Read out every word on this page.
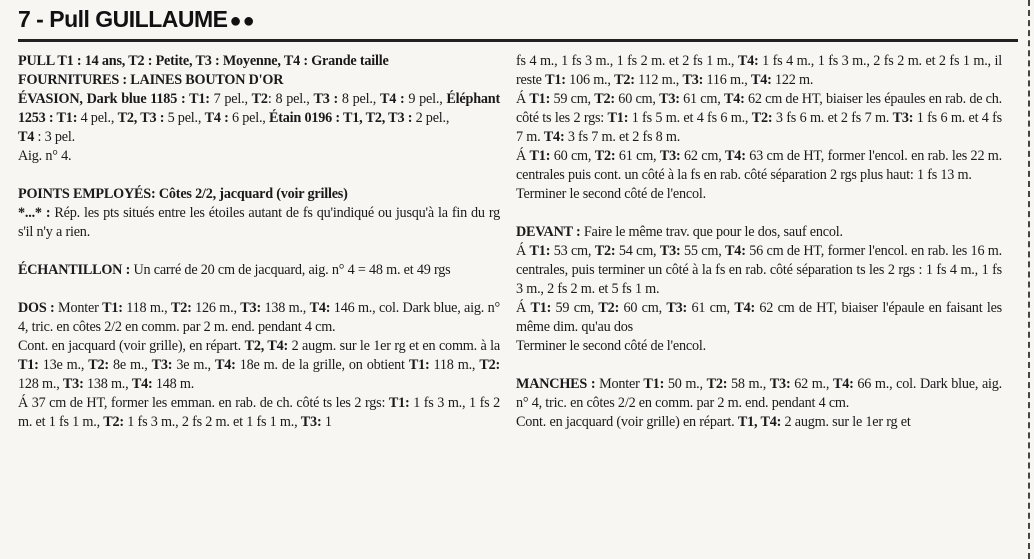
7 - Pull GUILLAUME ●●

PULL T1 : 14 ans, T2 : Petite, T3 : Moyenne, T4 : Grande taille

FOURNITURES : LAINES BOUTON D'OR

ÉVASION, Dark blue 1185 : T1: 7 pel., T2: 8 pel., T3 : 8 pel., T4 : 9 pel., Éléphant 1253 : T1: 4 pel., T2, T3 : 5 pel., T4 : 6 pel., Étain 0196 : T1, T2, T3 : 2 pel.,

T4 : 3 pel.

Aig. n° 4.

POINTS EMPLOYÉS: Côtes 2/2, jacquard (voir grilles)

*...* : Rép. les pts situés entre les étoiles autant de fs qu'indiqué ou jusqu'à la fin du rg s'il n'y a rien.

ÉCHANTILLON : Un carré de 20 cm de jacquard, aig. n° 4 = 48 m. et 49 rgs

DOS : Monter T1: 118 m., T2: 126 m., T3: 138 m., T4: 146 m., col. Dark blue, aig. n° 4, tric. en côtes 2/2 en comm. par 2 m. end. pendant 4 cm.

Cont. en jacquard (voir grille), en répart. T2, T4: 2 augm. sur le 1er rg et en comm. à la T1: 13e m., T2: 8e m., T3: 3e m., T4: 18e m. de la grille, on obtient T1: 118 m., T2: 128 m., T3: 138 m., T4: 148 m.

Á 37 cm de HT, former les emman. en rab. de ch. côté ts les 2 rgs: T1: 1 fs 3 m., 1 fs 2 m. et 1 fs 1 m., T2: 1 fs 3 m., 2 fs 2 m. et 1 fs 1 m., T3: 1

fs 4 m., 1 fs 3 m., 1 fs 2 m. et 2 fs 1 m., T4: 1 fs 4 m., 1 fs 3 m., 2 fs 2 m. et 2 fs 1 m., il reste T1: 106 m., T2: 112 m., T3: 116 m., T4: 122 m.

Á T1: 59 cm, T2: 60 cm, T3: 61 cm, T4: 62 cm de HT, biaiser les épaules en rab. de ch. côté ts les 2 rgs: T1: 1 fs 5 m. et 4 fs 6 m., T2: 3 fs 6 m. et 2 fs 7 m. T3: 1 fs 6 m. et 4 fs 7 m. T4: 3 fs 7 m. et 2 fs 8 m.

Á T1: 60 cm, T2: 61 cm, T3: 62 cm, T4: 63 cm de HT, former l'encol. en rab. les 22 m. centrales puis cont. un côté à la fs en rab. côté séparation 2 rgs plus haut: 1 fs 13 m.

Terminer le second côté de l'encol.

DEVANT : Faire le même trav. que pour le dos, sauf encol.

Á T1: 53 cm, T2: 54 cm, T3: 55 cm, T4: 56 cm de HT, former l'encol. en rab. les 16 m. centrales, puis terminer un côté à la fs en rab. côté séparation ts les 2 rgs : 1 fs 4 m., 1 fs 3 m., 2 fs 2 m. et 5 fs 1 m.

Á T1: 59 cm, T2: 60 cm, T3: 61 cm, T4: 62 cm de HT, biaiser l'épaule en faisant les même dim. qu'au dos

Terminer le second côté de l'encol.

MANCHES : Monter T1: 50 m., T2: 58 m., T3: 62 m., T4: 66 m., col. Dark blue, aig. n° 4, tric. en côtes 2/2 en comm. par 2 m. end. pendant 4 cm.

Cont. en jacquard (voir grille) en répart. T1, T4: 2 augm. sur le 1er rg et
